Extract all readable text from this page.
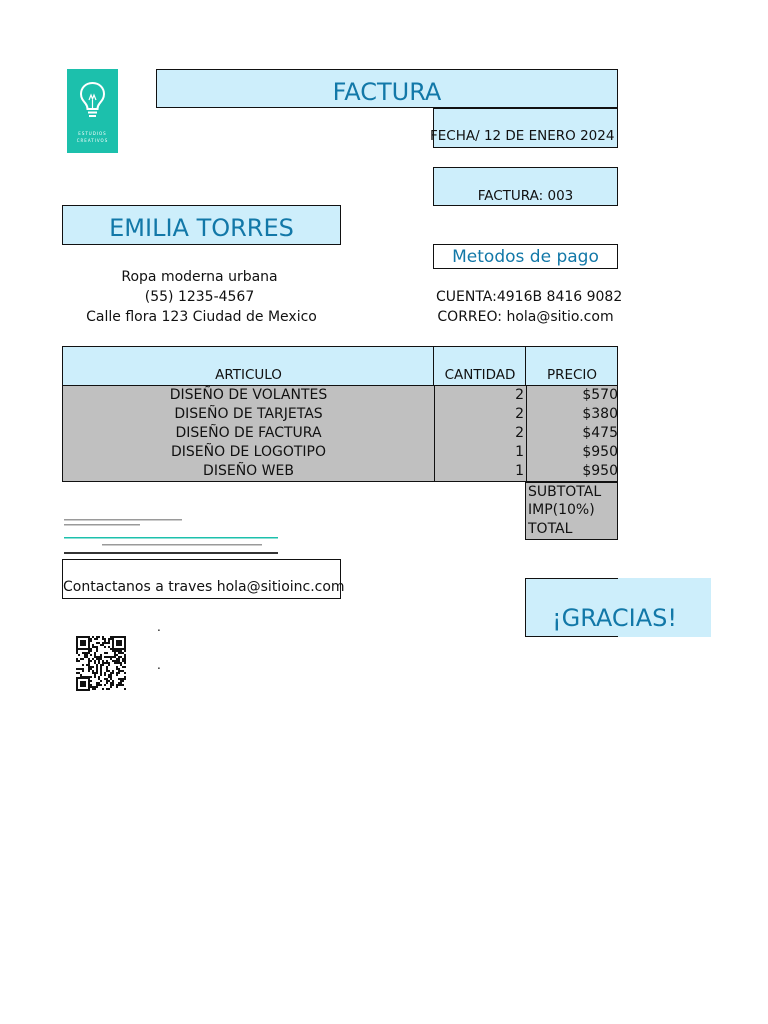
ESTUDIOS
CREATIVOS
FACTURA
FECHA/ 12 DE ENERO 2024
FACTURA: 003
EMILIA TORRES
Metodos de pago
Ropa moderna urbana
(55) 1235-4567
Calle flora 123 Ciudad de Mexico
CUENTA:4916B 8416 9082
CORREO: hola@sitio.com
ARTICULO	CANTIDAD	PRECIO
DISEÑO DE VOLANTES	2	$570
DISEÑO DE TARJETAS	2	$380
DISEÑO DE FACTURA	2	$475
DISEÑO DE LOGOTIPO	1	$950
DISEÑO WEB	1	$950
SUBTOTAL
IMP(10%)
TOTAL
Contactanos a traves hola@sitioinc.com
¡GRACIAS!
.
.
